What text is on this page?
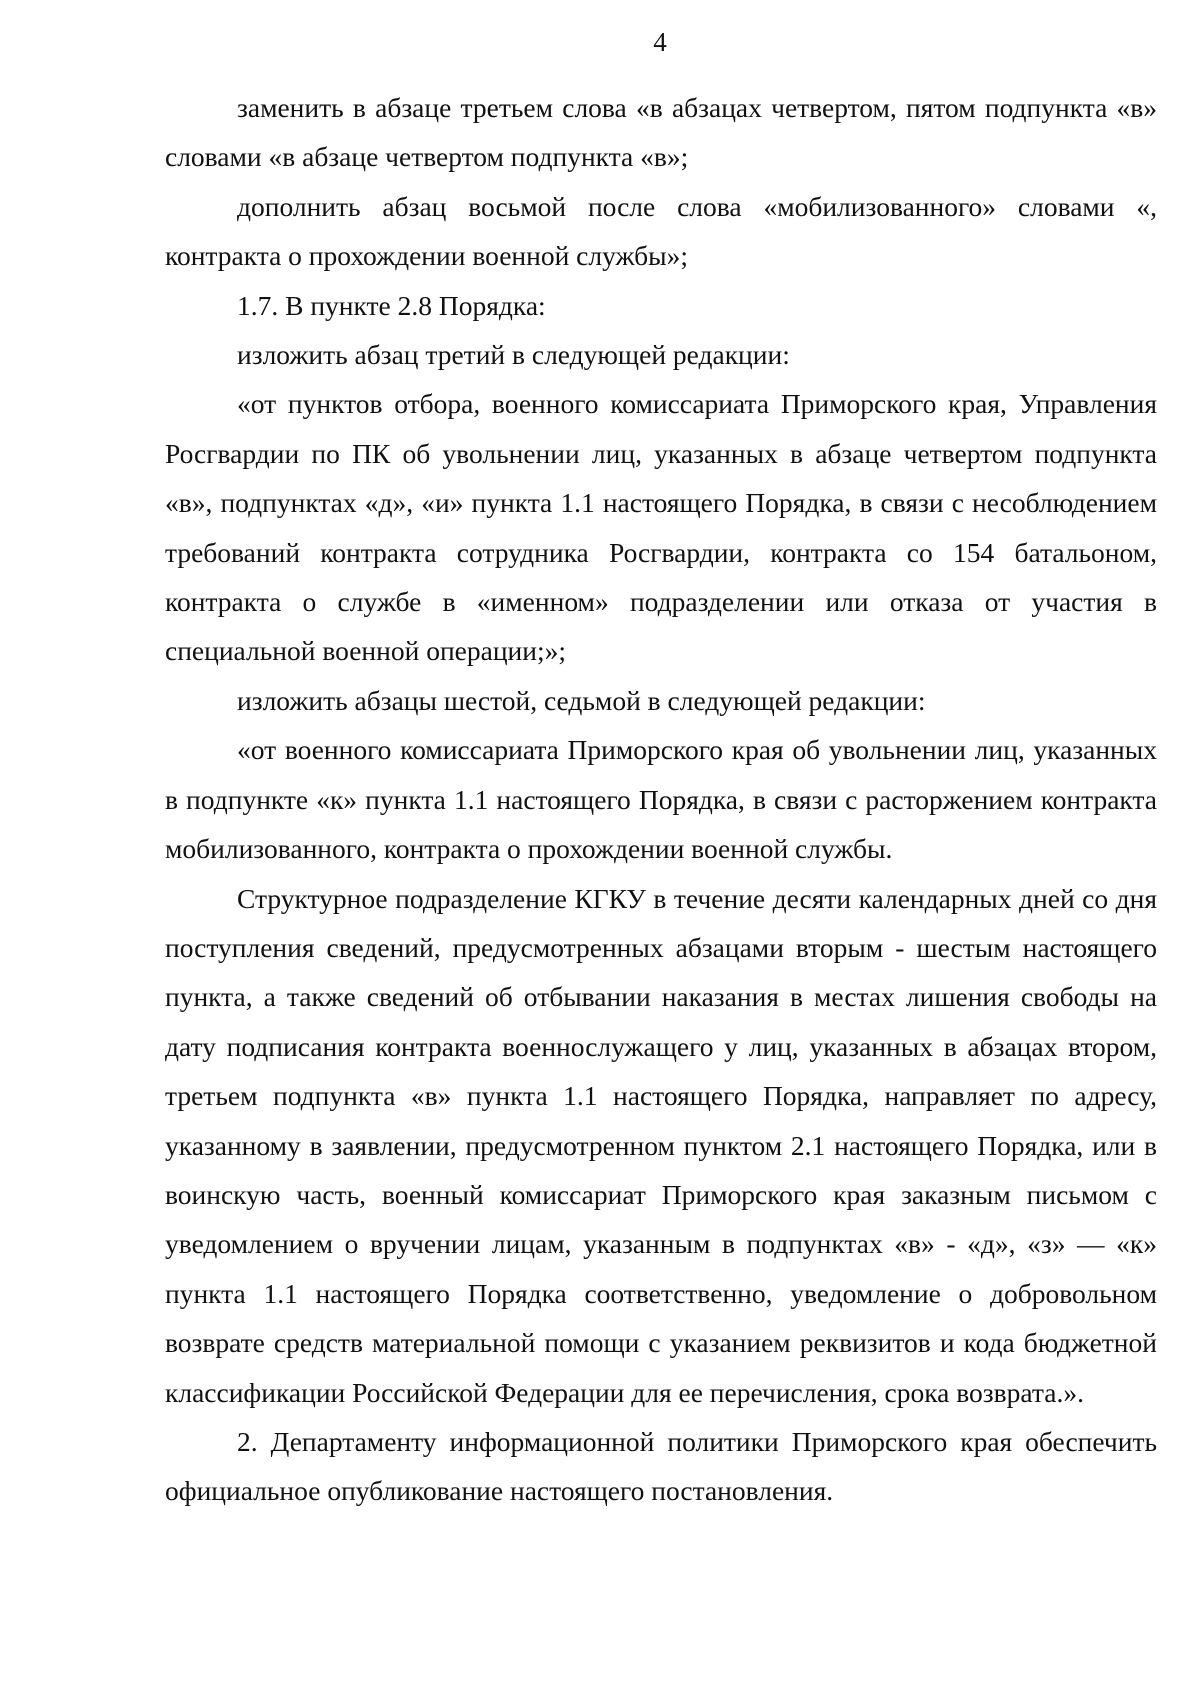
4

заменить в абзаце третьем слова «в абзацах четвертом, пятом подпункта «в» словами «в абзаце четвертом подпункта «в»;

дополнить абзац восьмой после слова «мобилизованного» словами «, контракта о прохождении военной службы»;

1.7. В пункте 2.8 Порядка:

изложить абзац третий в следующей редакции:

«от пунктов отбора, военного комиссариата Приморского края, Управления Росгвардии по ПК об увольнении лиц, указанных в абзаце четвертом подпункта «в», подпунктах «д», «и» пункта 1.1 настоящего Порядка, в связи с несоблюдением требований контракта сотрудника Росгвардии, контракта со 154 батальоном, контракта о службе в «именном» подразделении или отказа от участия в специальной военной операции;»;

изложить абзацы шестой, седьмой в следующей редакции:

«от военного комиссариата Приморского края об увольнении лиц, указанных в подпункте «к» пункта 1.1 настоящего Порядка, в связи с расторжением контракта мобилизованного, контракта о прохождении военной службы.

Структурное подразделение КГКУ в течение десяти календарных дней со дня поступления сведений, предусмотренных абзацами вторым - шестым настоящего пункта, а также сведений об отбывании наказания в местах лишения свободы на дату подписания контракта военнослужащего у лиц, указанных в абзацах втором, третьем подпункта «в» пункта 1.1 настоящего Порядка, направляет по адресу, указанному в заявлении, предусмотренном пунктом 2.1 настоящего Порядка, или в воинскую часть, военный комиссариат Приморского края заказным письмом с уведомлением о вручении лицам, указанным в подпунктах «в» - «д», «з» — «к» пункта 1.1 настоящего Порядка соответственно, уведомление о добровольном возврате средств материальной помощи с указанием реквизитов и кода бюджетной классификации Российской Федерации для ее перечисления, срока возврата.».

2. Департаменту информационной политики Приморского края обеспечить официальное опубликование настоящего постановления.
